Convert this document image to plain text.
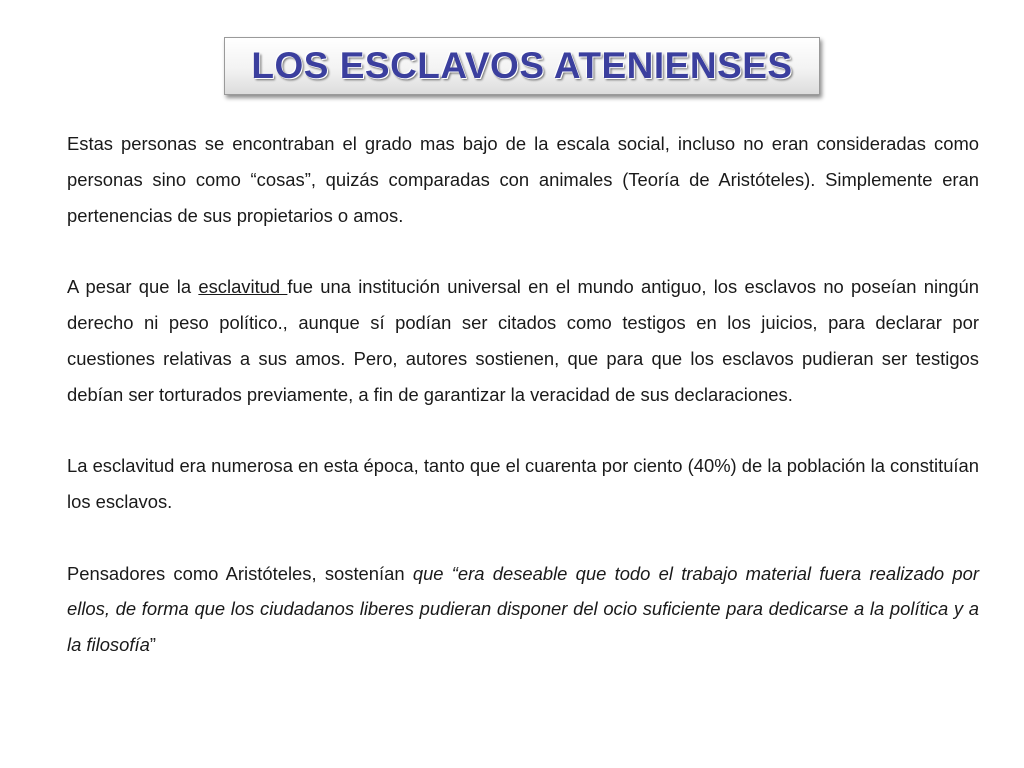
LOS ESCLAVOS ATENIENSES

Estas personas se encontraban el grado mas bajo de la escala social, incluso no eran consideradas como personas sino como “cosas”, quizás comparadas con animales (Teoría de Aristóteles). Simplemente eran pertenencias de sus propietarios o amos.

A pesar que la esclavitud fue una institución universal en el mundo antiguo, los esclavos no poseían ningún derecho ni peso político., aunque sí podían ser citados como testigos en los juicios, para declarar por cuestiones relativas a sus amos. Pero, autores sostienen, que para que los esclavos pudieran ser testigos debían ser torturados previamente, a fin de garantizar la veracidad de sus declaraciones.

La esclavitud era numerosa en esta época, tanto que el cuarenta por ciento (40%) de la población la constituían los esclavos.

Pensadores como Aristóteles, sostenían que “era deseable que todo el trabajo material fuera realizado por ellos, de forma que los ciudadanos liberes pudieran disponer del ocio suficiente para dedicarse a la política y a la filosofía”
